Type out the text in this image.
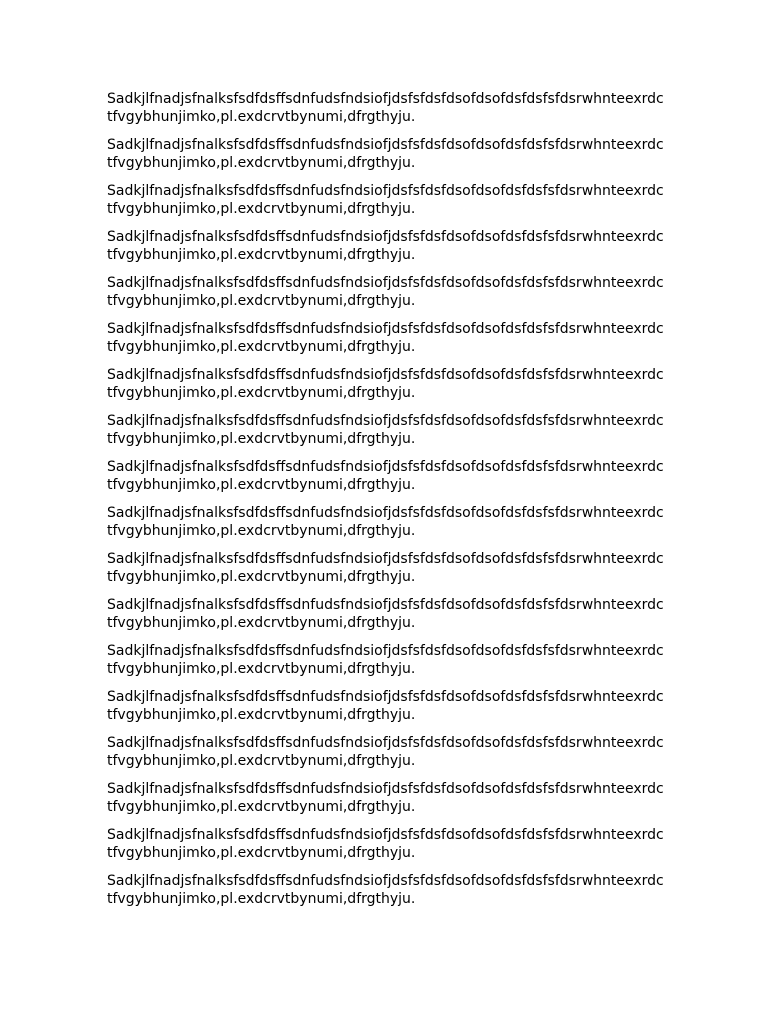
Sadkjlfnadjsfnalksfsdfdsffsdnfudsfndsiofjdsfsfdsfdsofdsofdsfdsfsfdsrwhnteexrdc
tfvgybhunjimko,pl.exdcrvtbynumi,dfrgthyju.

Sadkjlfnadjsfnalksfsdfdsffsdnfudsfndsiofjdsfsfdsfdsofdsofdsfdsfsfdsrwhnteexrdc
tfvgybhunjimko,pl.exdcrvtbynumi,dfrgthyju.

Sadkjlfnadjsfnalksfsdfdsffsdnfudsfndsiofjdsfsfdsfdsofdsofdsfdsfsfdsrwhnteexrdc
tfvgybhunjimko,pl.exdcrvtbynumi,dfrgthyju.

Sadkjlfnadjsfnalksfsdfdsffsdnfudsfndsiofjdsfsfdsfdsofdsofdsfdsfsfdsrwhnteexrdc
tfvgybhunjimko,pl.exdcrvtbynumi,dfrgthyju.

Sadkjlfnadjsfnalksfsdfdsffsdnfudsfndsiofjdsfsfdsfdsofdsofdsfdsfsfdsrwhnteexrdc
tfvgybhunjimko,pl.exdcrvtbynumi,dfrgthyju.

Sadkjlfnadjsfnalksfsdfdsffsdnfudsfndsiofjdsfsfdsfdsofdsofdsfdsfsfdsrwhnteexrdc
tfvgybhunjimko,pl.exdcrvtbynumi,dfrgthyju.

Sadkjlfnadjsfnalksfsdfdsffsdnfudsfndsiofjdsfsfdsfdsofdsofdsfdsfsfdsrwhnteexrdc
tfvgybhunjimko,pl.exdcrvtbynumi,dfrgthyju.

Sadkjlfnadjsfnalksfsdfdsffsdnfudsfndsiofjdsfsfdsfdsofdsofdsfdsfsfdsrwhnteexrdc
tfvgybhunjimko,pl.exdcrvtbynumi,dfrgthyju.

Sadkjlfnadjsfnalksfsdfdsffsdnfudsfndsiofjdsfsfdsfdsofdsofdsfdsfsfdsrwhnteexrdc
tfvgybhunjimko,pl.exdcrvtbynumi,dfrgthyju.

Sadkjlfnadjsfnalksfsdfdsffsdnfudsfndsiofjdsfsfdsfdsofdsofdsfdsfsfdsrwhnteexrdc
tfvgybhunjimko,pl.exdcrvtbynumi,dfrgthyju.

Sadkjlfnadjsfnalksfsdfdsffsdnfudsfndsiofjdsfsfdsfdsofdsofdsfdsfsfdsrwhnteexrdc
tfvgybhunjimko,pl.exdcrvtbynumi,dfrgthyju.

Sadkjlfnadjsfnalksfsdfdsffsdnfudsfndsiofjdsfsfdsfdsofdsofdsfdsfsfdsrwhnteexrdc
tfvgybhunjimko,pl.exdcrvtbynumi,dfrgthyju.

Sadkjlfnadjsfnalksfsdfdsffsdnfudsfndsiofjdsfsfdsfdsofdsofdsfdsfsfdsrwhnteexrdc
tfvgybhunjimko,pl.exdcrvtbynumi,dfrgthyju.

Sadkjlfnadjsfnalksfsdfdsffsdnfudsfndsiofjdsfsfdsfdsofdsofdsfdsfsfdsrwhnteexrdc
tfvgybhunjimko,pl.exdcrvtbynumi,dfrgthyju.

Sadkjlfnadjsfnalksfsdfdsffsdnfudsfndsiofjdsfsfdsfdsofdsofdsfdsfsfdsrwhnteexrdc
tfvgybhunjimko,pl.exdcrvtbynumi,dfrgthyju.

Sadkjlfnadjsfnalksfsdfdsffsdnfudsfndsiofjdsfsfdsfdsofdsofdsfdsfsfdsrwhnteexrdc
tfvgybhunjimko,pl.exdcrvtbynumi,dfrgthyju.

Sadkjlfnadjsfnalksfsdfdsffsdnfudsfndsiofjdsfsfdsfdsofdsofdsfdsfsfdsrwhnteexrdc
tfvgybhunjimko,pl.exdcrvtbynumi,dfrgthyju.

Sadkjlfnadjsfnalksfsdfdsffsdnfudsfndsiofjdsfsfdsfdsofdsofdsfdsfsfdsrwhnteexrdc
tfvgybhunjimko,pl.exdcrvtbynumi,dfrgthyju.
